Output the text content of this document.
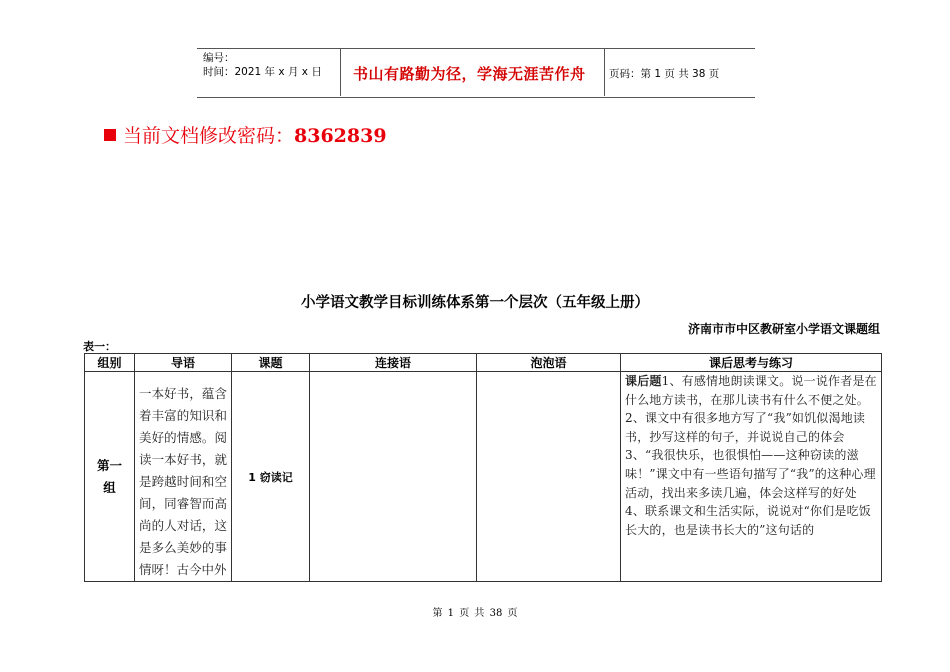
编号：
时间：2021 年 x 月 x 日 书山有路勤为径，学海无涯苦作舟 页码：第 1 页 共 38 页
当前文档修改密码：8362839
小学语文教学目标训练体系第一个层次（五年级上册）
济南市市中区教研室小学语文课题组
表一：
组别	导语	课题	连接语	泡泡语	课后思考与练习

第一组	一本好书，蕴含着丰富的知识和美好的情感。阅读一本好书，就是跨越时间和空间，同睿智而高尚的人对话，这是多么美妙的事情呀！古今中外	1 窃读记			课后题1、有感情地朗读课文。说一说作者是在什么地方读书，在那儿读书有什么不便之处。
2、课文中有很多地方写了“我”如饥似渴地读书，抄写这样的句子，并说说自己的体会
3、“我很快乐，也很惧怕——这种窃读的滋味！”课文中有一些语句描写了“我”的这种心理活动，找出来多读几遍，体会这样写的好处
4、联系课文和生活实际，说说对“你们是吃饭长大的，也是读书长大的”这句话的
第 1 页 共 38 页
